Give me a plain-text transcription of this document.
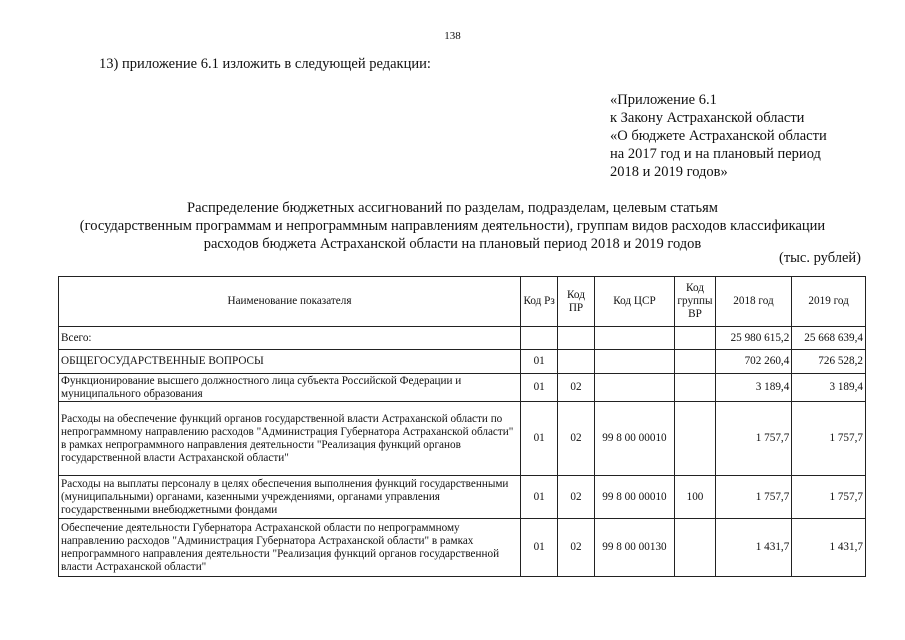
138
13) приложение 6.1 изложить в следующей редакции:
«Приложение 6.1
к Закону Астраханской области
«О бюджете Астраханской области
на 2017 год и на плановый период
2018 и 2019 годов»
Распределение бюджетных ассигнований по разделам, подразделам, целевым статьям
(государственным программам и непрограммным направлениям деятельности), группам видов расходов классификации
расходов бюджета Астраханской области на плановый период 2018 и 2019 годов
(тыс. рублей)
Наименование показателя	Код Рз	Код ПР	Код ЦСР	Код группы ВР	2018 год	2019 год
Всего:					25 980 615,2	25 668 639,4
ОБЩЕГОСУДАРСТВЕННЫЕ ВОПРОСЫ	01				702 260,4	726 528,2
Функционирование высшего должностного лица субъекта Российской Федерации и муниципального образования	01	02			3 189,4	3 189,4
Расходы на обеспечение функций органов государственной власти Астраханской области по непрограммному направлению расходов "Администрация Губернатора Астраханской области" в рамках непрограммного направления деятельности "Реализация функций органов государственной власти Астраханской области"	01	02	99 8 00 00010		1 757,7	1 757,7
Расходы на выплаты персоналу в целях обеспечения выполнения функций государственными (муниципальными) органами, казенными учреждениями, органами управления государственными внебюджетными фондами	01	02	99 8 00 00010	100	1 757,7	1 757,7
Обеспечение деятельности Губернатора Астраханской области по непрограммному направлению расходов "Администрация Губернатора Астраханской области" в рамках непрограммного направления деятельности "Реализация функций органов государственной власти Астраханской области"	01	02	99 8 00 00130		1 431,7	1 431,7
